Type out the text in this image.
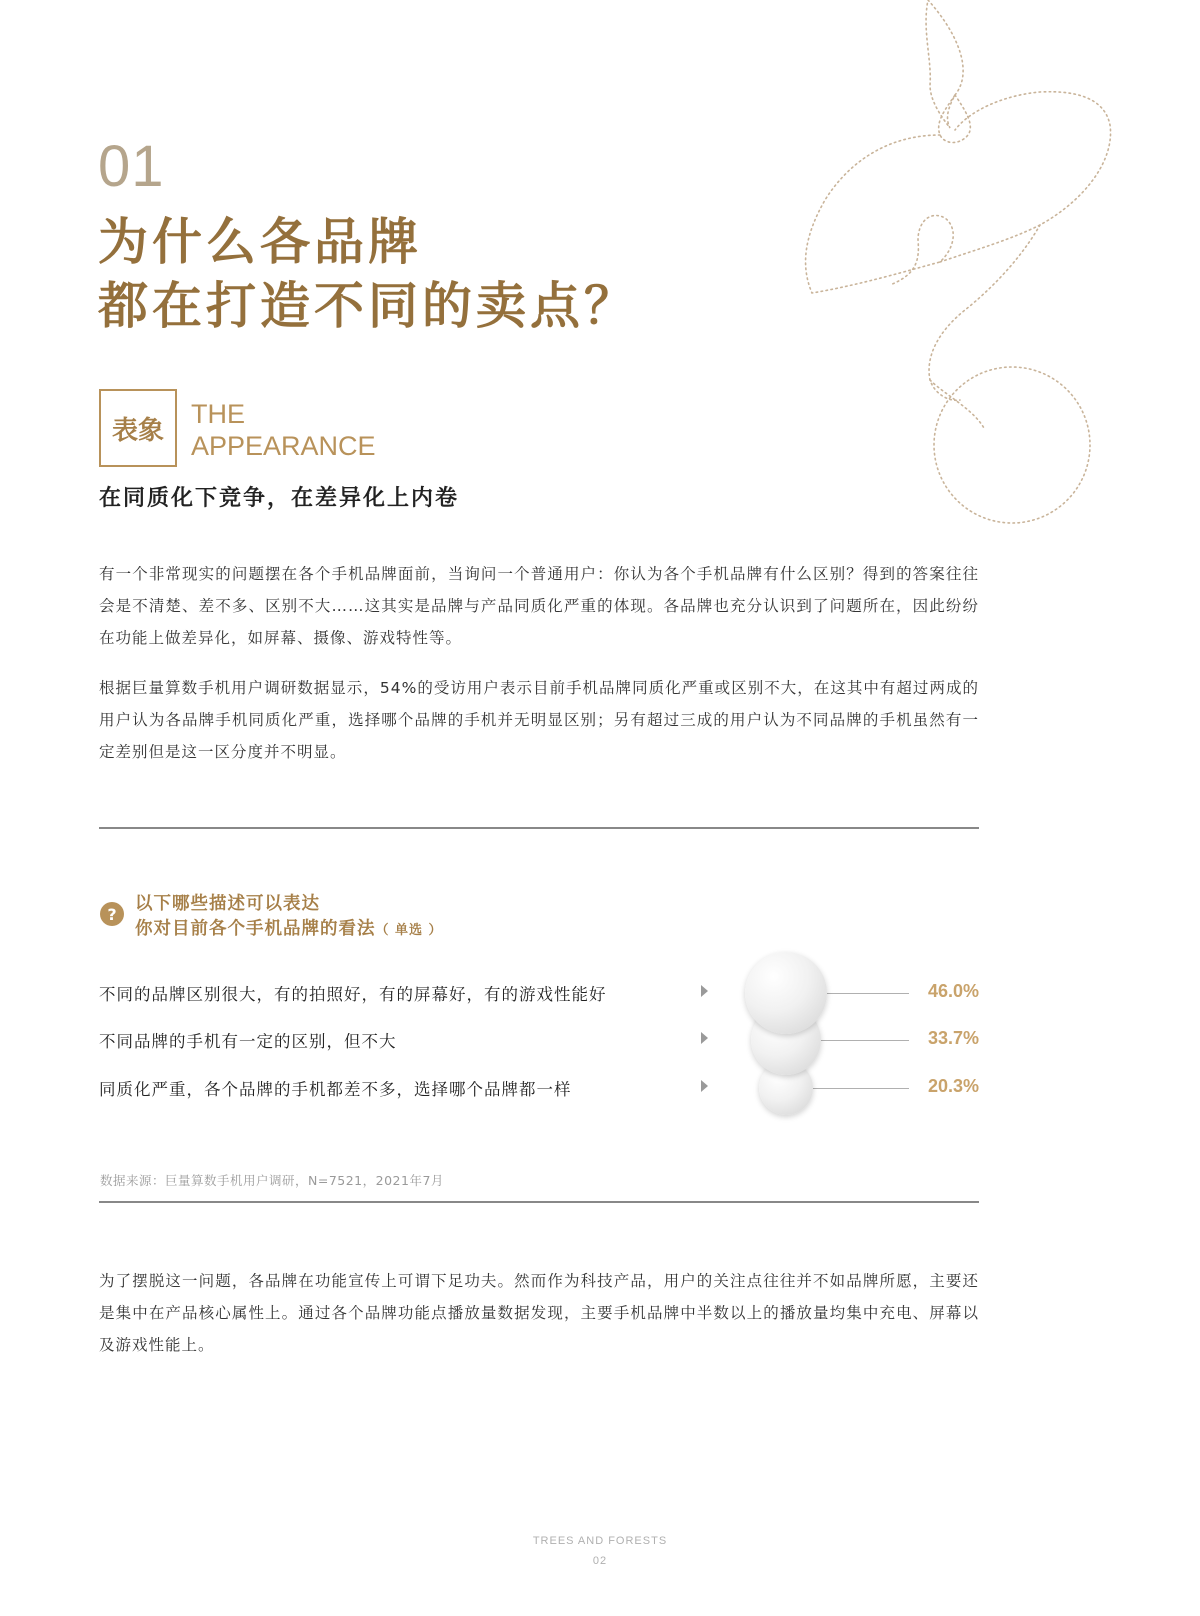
01
为什么各品牌
都在打造不同的卖点？
表象
THE
APPEARANCE
在同质化下竞争，在差异化上内卷
有一个非常现实的问题摆在各个手机品牌面前，当询问一个普通用户：你认为各个手机品牌有什么区别？得到的答案往往会是不清楚、差不多、区别不大……这其实是品牌与产品同质化严重的体现。各品牌也充分认识到了问题所在，因此纷纷在功能上做差异化，如屏幕、摄像、游戏特性等。
根据巨量算数手机用户调研数据显示，54%的受访用户表示目前手机品牌同质化严重或区别不大，在这其中有超过两成的用户认为各品牌手机同质化严重，选择哪个品牌的手机并无明显区别；另有超过三成的用户认为不同品牌的手机虽然有一定差别但是这一区分度并不明显。
?	以下哪些描述可以表达
你对目前各个手机品牌的看法（ 单选 ）
不同的品牌区别很大，有的拍照好，有的屏幕好，有的游戏性能好	46.0%
不同品牌的手机有一定的区别，但不大	33.7%
同质化严重，各个品牌的手机都差不多，选择哪个品牌都一样	20.3%
数据来源：巨量算数手机用户调研，N=7521，2021年7月
为了摆脱这一问题，各品牌在功能宣传上可谓下足功夫。然而作为科技产品，用户的关注点往往并不如品牌所愿，主要还是集中在产品核心属性上。通过各个品牌功能点播放量数据发现，主要手机品牌中半数以上的播放量均集中充电、屏幕以及游戏性能上。
TREES AND FORESTS
02
